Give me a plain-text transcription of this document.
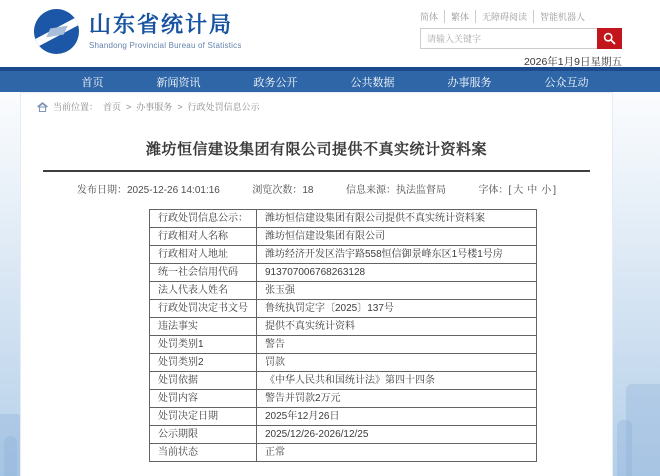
山东省统计局
Shandong Provincial Bureau of Statistics
简体	繁体	无障碍阅读	智能机器人
请输入关键字
2026年1月9日星期五
首页	新闻资讯	政务公开	公共数据	办事服务	公众互动
当前位置： 首页 > 办事服务 > 行政处罚信息公示
潍坊恒信建设集团有限公司提供不真实统计资料案
发布日期：2025-12-26 14:01:16	浏览次数：18	信息来源：执法监督局	字体：[ 大 中 小 ]
行政处罚信息公示：	潍坊恒信建设集团有限公司提供不真实统计资料案
行政相对人名称	潍坊恒信建设集团有限公司
行政相对人地址	潍坊经济开发区浩宇路558恒信御景峰东区1号楼1号房
统一社会信用代码	913707006768263128
法人代表人姓名	张玉强
行政处罚决定书文号	鲁统执罚定字〔2025〕137号
违法事实	提供不真实统计资料
处罚类别1	警告
处罚类别2	罚款
处罚依据	《中华人民共和国统计法》第四十四条
处罚内容	警告并罚款2万元
处罚决定日期	2025年12月26日
公示期限	2025/12/26-2026/12/25
当前状态	正常
